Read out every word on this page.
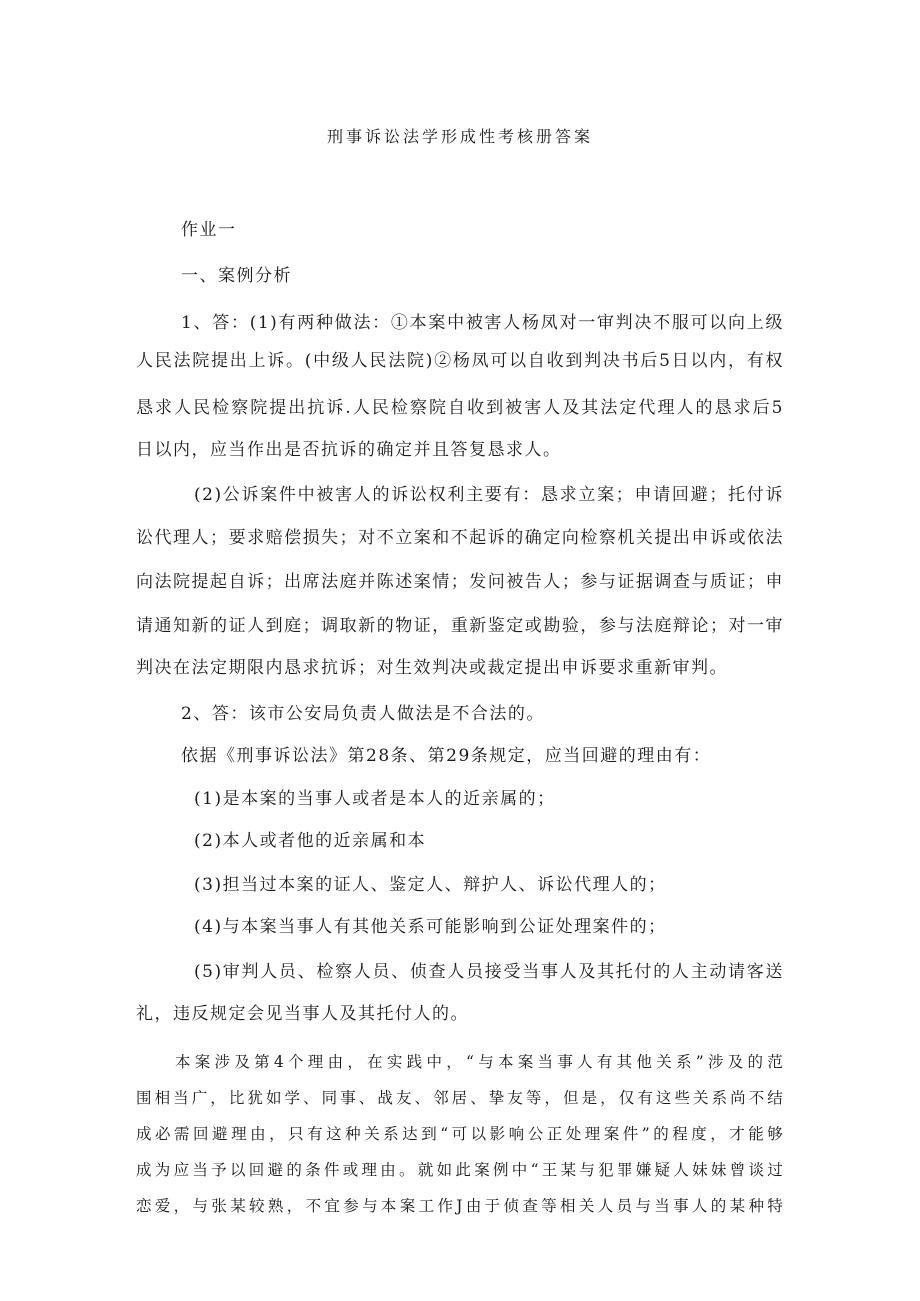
刑事诉讼法学形成性考核册答案
作业一
一、案例分析
1、答：(1)有两种做法：①本案中被害人杨凤对一审判决不服可以向上级
人民法院提出上诉。(中级人民法院)②杨凤可以自收到判决书后5日以内，有权
恳求人民检察院提出抗诉.人民检察院自收到被害人及其法定代理人的恳求后5
日以内，应当作出是否抗诉的确定并且答复恳求人。
(2)公诉案件中被害人的诉讼权利主要有：恳求立案；申请回避；托付诉
讼代理人；要求赔偿损失；对不立案和不起诉的确定向检察机关提出申诉或依法
向法院提起自诉；出席法庭并陈述案情；发问被告人；参与证据调查与质证；申
请通知新的证人到庭；调取新的物证，重新鉴定或勘验，参与法庭辩论；对一审
判决在法定期限内恳求抗诉；对生效判决或裁定提出申诉要求重新审判。
2、答：该市公安局负责人做法是不合法的。
依据《刑事诉讼法》第28条、第29条规定，应当回避的理由有：
(1)是本案的当事人或者是本人的近亲属的；
(2)本人或者他的近亲属和本
(3)担当过本案的证人、鉴定人、辩护人、诉讼代理人的；
(4)与本案当事人有其他关系可能影响到公证处理案件的；
(5)审判人员、检察人员、侦查人员接受当事人及其托付的人主动请客送
礼，违反规定会见当事人及其托付人的。
本案涉及第4个理由，在实践中，“与本案当事人有其他关系”涉及的范
围相当广，比犹如学、同事、战友、邻居、挚友等，但是，仅有这些关系尚不结
成必需回避理由，只有这种关系达到“可以影响公正处理案件”的程度，才能够
成为应当予以回避的条件或理由。就如此案例中“王某与犯罪嫌疑人妹妹曾谈过
恋爱，与张某较熟，不宜参与本案工作J由于侦查等相关人员与当事人的某种特
